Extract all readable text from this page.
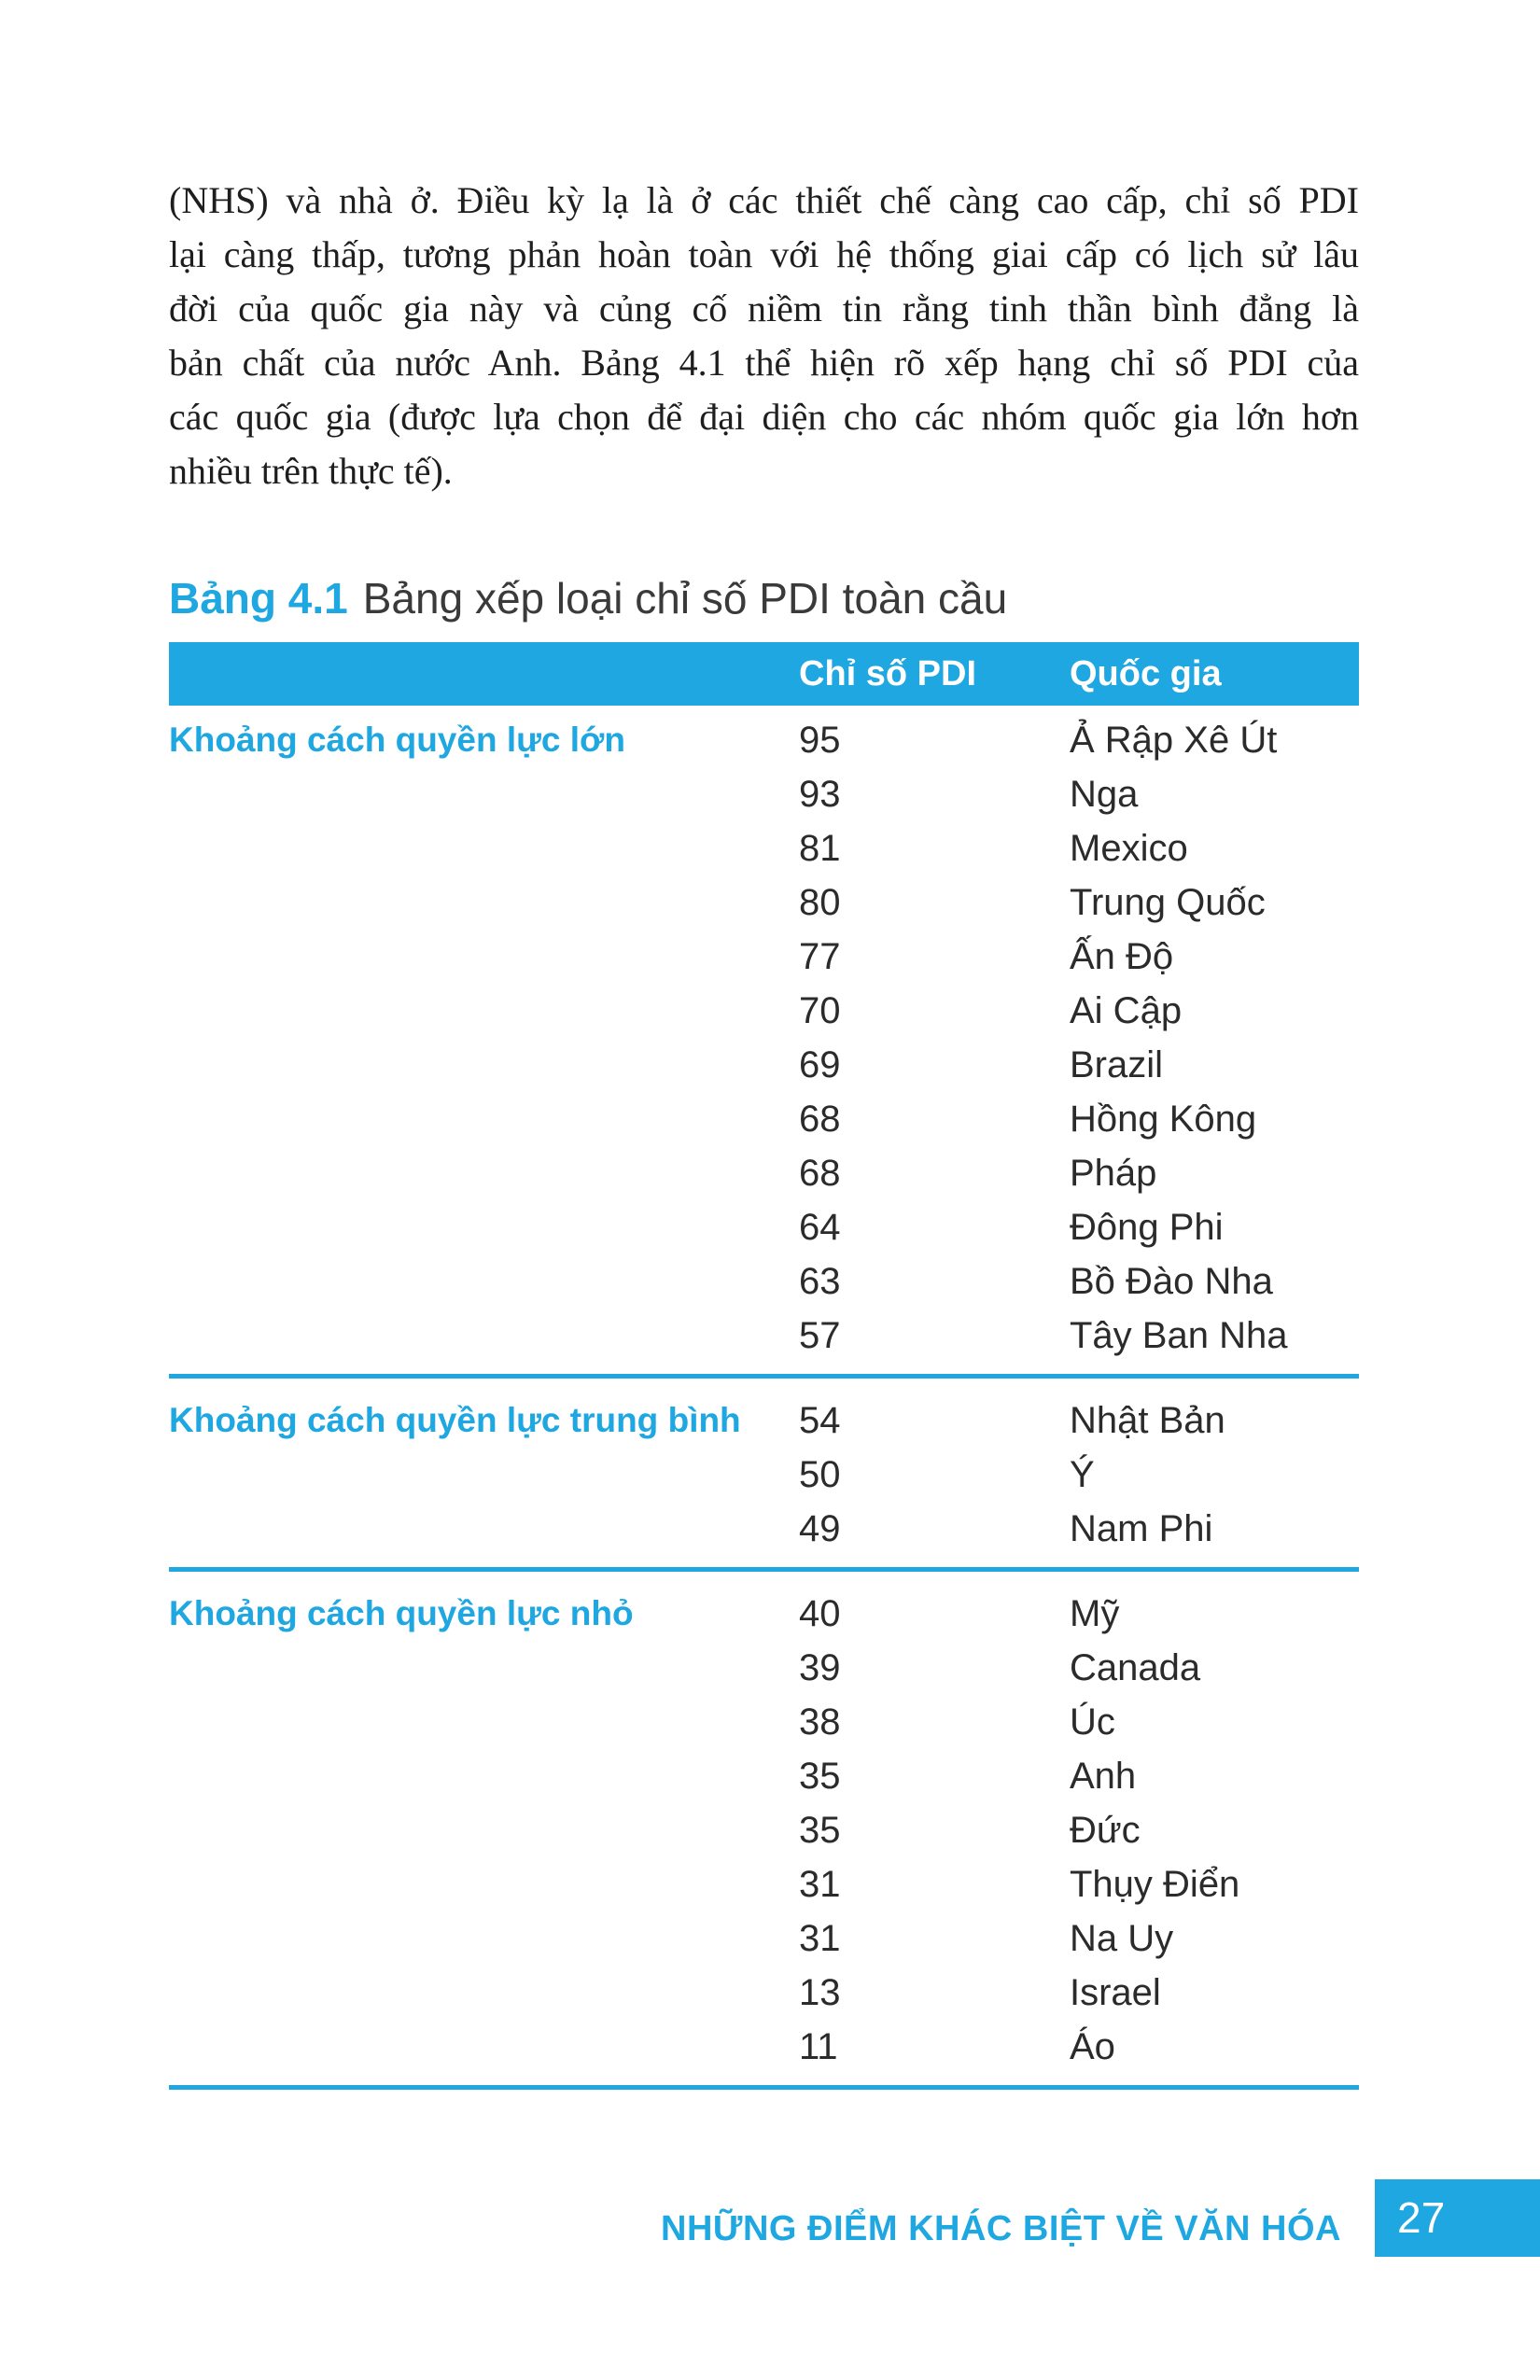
(NHS) và nhà ở. Điều kỳ lạ là ở các thiết chế càng cao cấp, chỉ số PDI
lại càng thấp, tương phản hoàn toàn với hệ thống giai cấp có lịch sử lâu
đời của quốc gia này và củng cố niềm tin rằng tinh thần bình đẳng là
bản chất của nước Anh. Bảng 4.1 thể hiện rõ xếp hạng chỉ số PDI của
các quốc gia (được lựa chọn để đại diện cho các nhóm quốc gia lớn hơn
nhiều trên thực tế).
Bảng 4.1 Bảng xếp loại chỉ số PDI toàn cầu
Chỉ số PDI	Quốc gia
Khoảng cách quyền lực lớn	95	Ả Rập Xê Út
93	Nga
81	Mexico
80	Trung Quốc
77	Ấn Độ
70	Ai Cập
69	Brazil
68	Hồng Kông
68	Pháp
64	Đông Phi
63	Bồ Đào Nha
57	Tây Ban Nha
Khoảng cách quyền lực trung bình 54	Nhật Bản
50	Ý
49	Nam Phi
Khoảng cách quyền lực nhỏ	40	Mỹ
39	Canada
38	Úc
35	Anh
35	Đức
31	Thụy Điển
31	Na Uy
13	Israel
11	Áo
NHỮNG ĐIỂM KHÁC BIỆT VỀ VĂN HÓA	27
